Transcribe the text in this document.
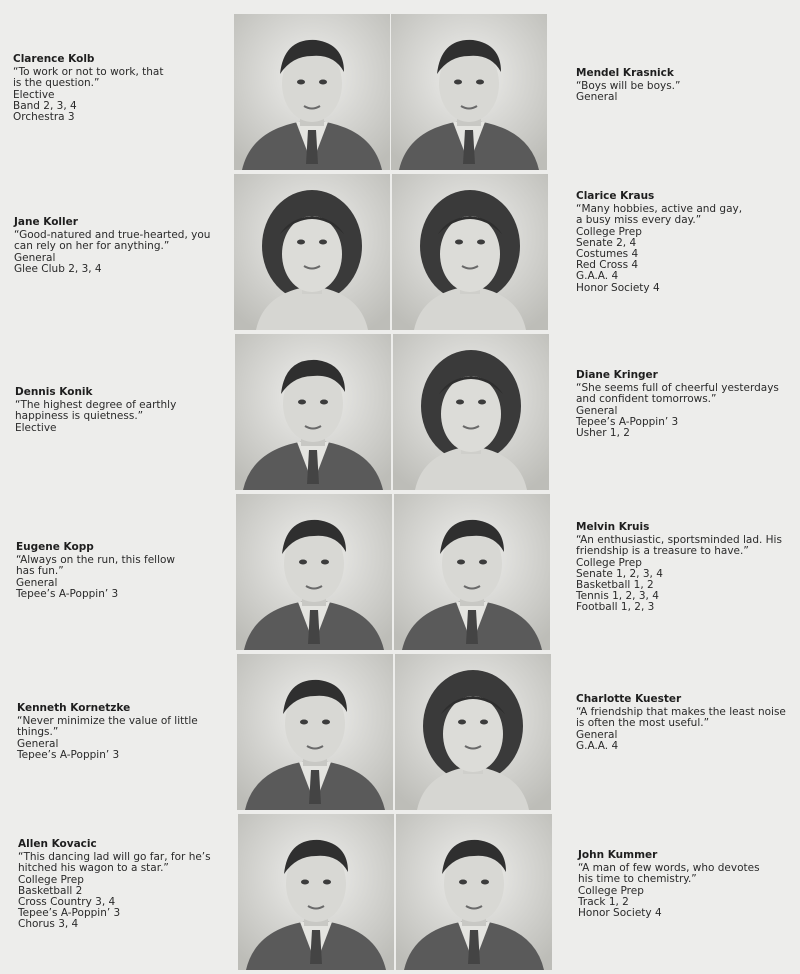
Clarence Kolb
“To work or not to work, that
is the question.”
Elective
Band 2, 3, 4
Orchestra 3
Mendel Krasnick
“Boys will be boys.”
General
Jane Koller
“Good-natured and true-hearted, you
can rely on her for anything.”
General
Glee Club 2, 3, 4
Clarice Kraus
“Many hobbies, active and gay,
a busy miss every day.”
College Prep
Senate 2, 4
Costumes 4
Red Cross 4
G.A.A. 4
Honor Society 4
Dennis Konik
“The highest degree of earthly
happiness is quietness.”
Elective
Diane Kringer
“She seems full of cheerful yesterdays
and confident tomorrows.”
General
Tepee’s A-Poppin’ 3
Usher 1, 2
Eugene Kopp
“Always on the run, this fellow
has fun.”
General
Tepee’s A-Poppin’ 3
Melvin Kruis
“An enthusiastic, sportsminded lad. His
friendship is a treasure to have.”
College Prep
Senate 1, 2, 3, 4
Basketball 1, 2
Tennis 1, 2, 3, 4
Football 1, 2, 3
Kenneth Kornetzke
“Never minimize the value of little
things.”
General
Tepee’s A-Poppin’ 3
Charlotte Kuester
“A friendship that makes the least noise
is often the most useful.”
General
G.A.A. 4
Allen Kovacic
“This dancing lad will go far, for he’s
hitched his wagon to a star.”
College Prep
Basketball 2
Cross Country 3, 4
Tepee’s A-Poppin’ 3
Chorus 3, 4
John Kummer
“A man of few words, who devotes
his time to chemistry.”
College Prep
Track 1, 2
Honor Society 4
